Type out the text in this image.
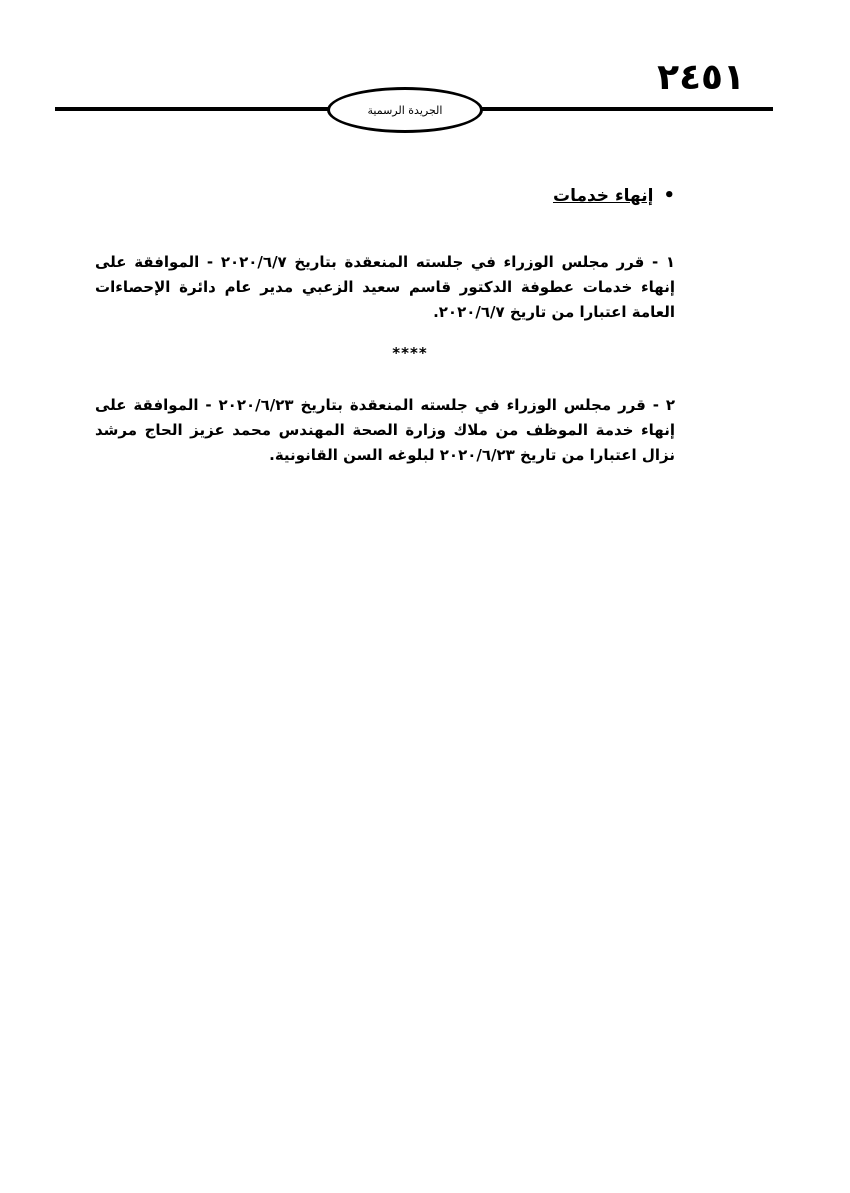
٢٤٥١
الجريدة الرسمية
•إنهاء خدمات
١ - قرر مجلس الوزراء في جلسته المنعقدة بتاريخ ٢٠٢٠/٦/٧ - الموافقة على إنهاء خدمات عطوفة الدكتور قاسم سعيد الزعبي مدير عام دائرة الإحصاءات العامة اعتبارا من تاريخ ٢٠٢٠/٦/٧.
****
٢ - قرر مجلس الوزراء في جلسته المنعقدة بتاريخ ٢٠٢٠/٦/٢٣ - الموافقة على إنهاء خدمة الموظف من ملاك وزارة الصحة المهندس محمد عزيز الحاج مرشد نزال اعتبارا من تاريخ ٢٠٢٠/٦/٢٣ لبلوغه السن القانونية.
